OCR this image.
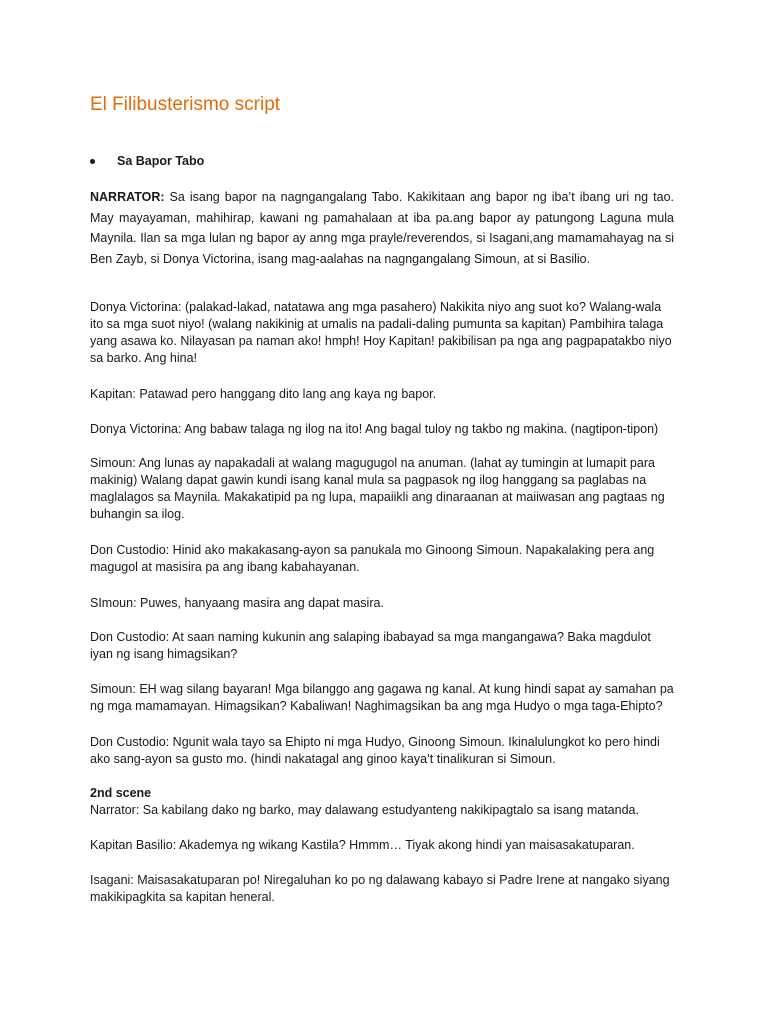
El Filibusterismo script
Sa Bapor Tabo

NARRATOR: Sa isang bapor na nagngangalang Tabo. Kakikitaan ang bapor ng iba’t ibang uri ng tao. May mayayaman, mahihirap, kawani ng pamahalaan at iba pa.ang bapor ay patungong Laguna mula Maynila. Ilan sa mga lulan ng bapor ay anng mga prayle/reverendos, si Isagani,ang mamamahayag na si Ben Zayb, si Donya Victorina, isang mag-aalahas na nagngangalang Simoun, at si Basilio.

Donya Victorina: (palakad-lakad, natatawa ang mga pasahero) Nakikita niyo ang suot ko? Walang-wala ito sa mga suot niyo! (walang nakikinig at umalis na padali-daling pumunta sa kapitan) Pambihira talaga yang asawa ko. Nilayasan pa naman ako! hmph! Hoy Kapitan! pakibilisan pa nga ang pagpapatakbo niyo sa barko. Ang hina!

Kapitan: Patawad pero hanggang dito lang ang kaya ng bapor.

Donya Victorina: Ang babaw talaga ng ilog na ito! Ang bagal tuloy ng takbo ng makina. (nagtipon-tipon)

Simoun: Ang lunas ay napakadali at walang magugugol na anuman. (lahat ay tumingin at lumapit para makinig) Walang dapat gawin kundi isang kanal mula sa pagpasok ng ilog hanggang sa paglabas na maglalagos sa Maynila. Makakatipid pa ng lupa, mapaiikli ang dinaraanan at maiiwasan ang pagtaas ng buhangin sa ilog.

Don Custodio: Hinid ako makakasang-ayon sa panukala mo Ginoong Simoun. Napakalaking pera ang magugol at masisira pa ang ibang kabahayanan.

SImoun: Puwes, hanyaang masira ang dapat masira.

Don Custodio: At saan naming kukunin ang salaping ibabayad sa mga mangangawa? Baka magdulot iyan ng isang himagsikan?

Simoun: EH wag silang bayaran! Mga bilanggo ang gagawa ng kanal. At kung hindi sapat ay samahan pa ng mga mamamayan. Himagsikan? Kabaliwan! Naghimagsikan ba ang mga Hudyo o mga taga-Ehipto?

Don Custodio: Ngunit wala tayo sa Ehipto ni mga Hudyo, Ginoong Simoun. Ikinalulungkot ko pero hindi ako sang-ayon sa gusto mo. (hindi nakatagal ang ginoo kaya’t tinalikuran si Simoun.

2nd scene

Narrator: Sa kabilang dako ng barko, may dalawang estudyanteng nakikipagtalo sa isang matanda.

Kapitan Basilio: Akademya ng wikang Kastila? Hmmm… Tiyak akong hindi yan maisasakatuparan.

Isagani: Maisasakatuparan po! Niregaluhan ko po ng dalawang kabayo si Padre Irene at nangako siyang makikipagkita sa kapitan heneral.
